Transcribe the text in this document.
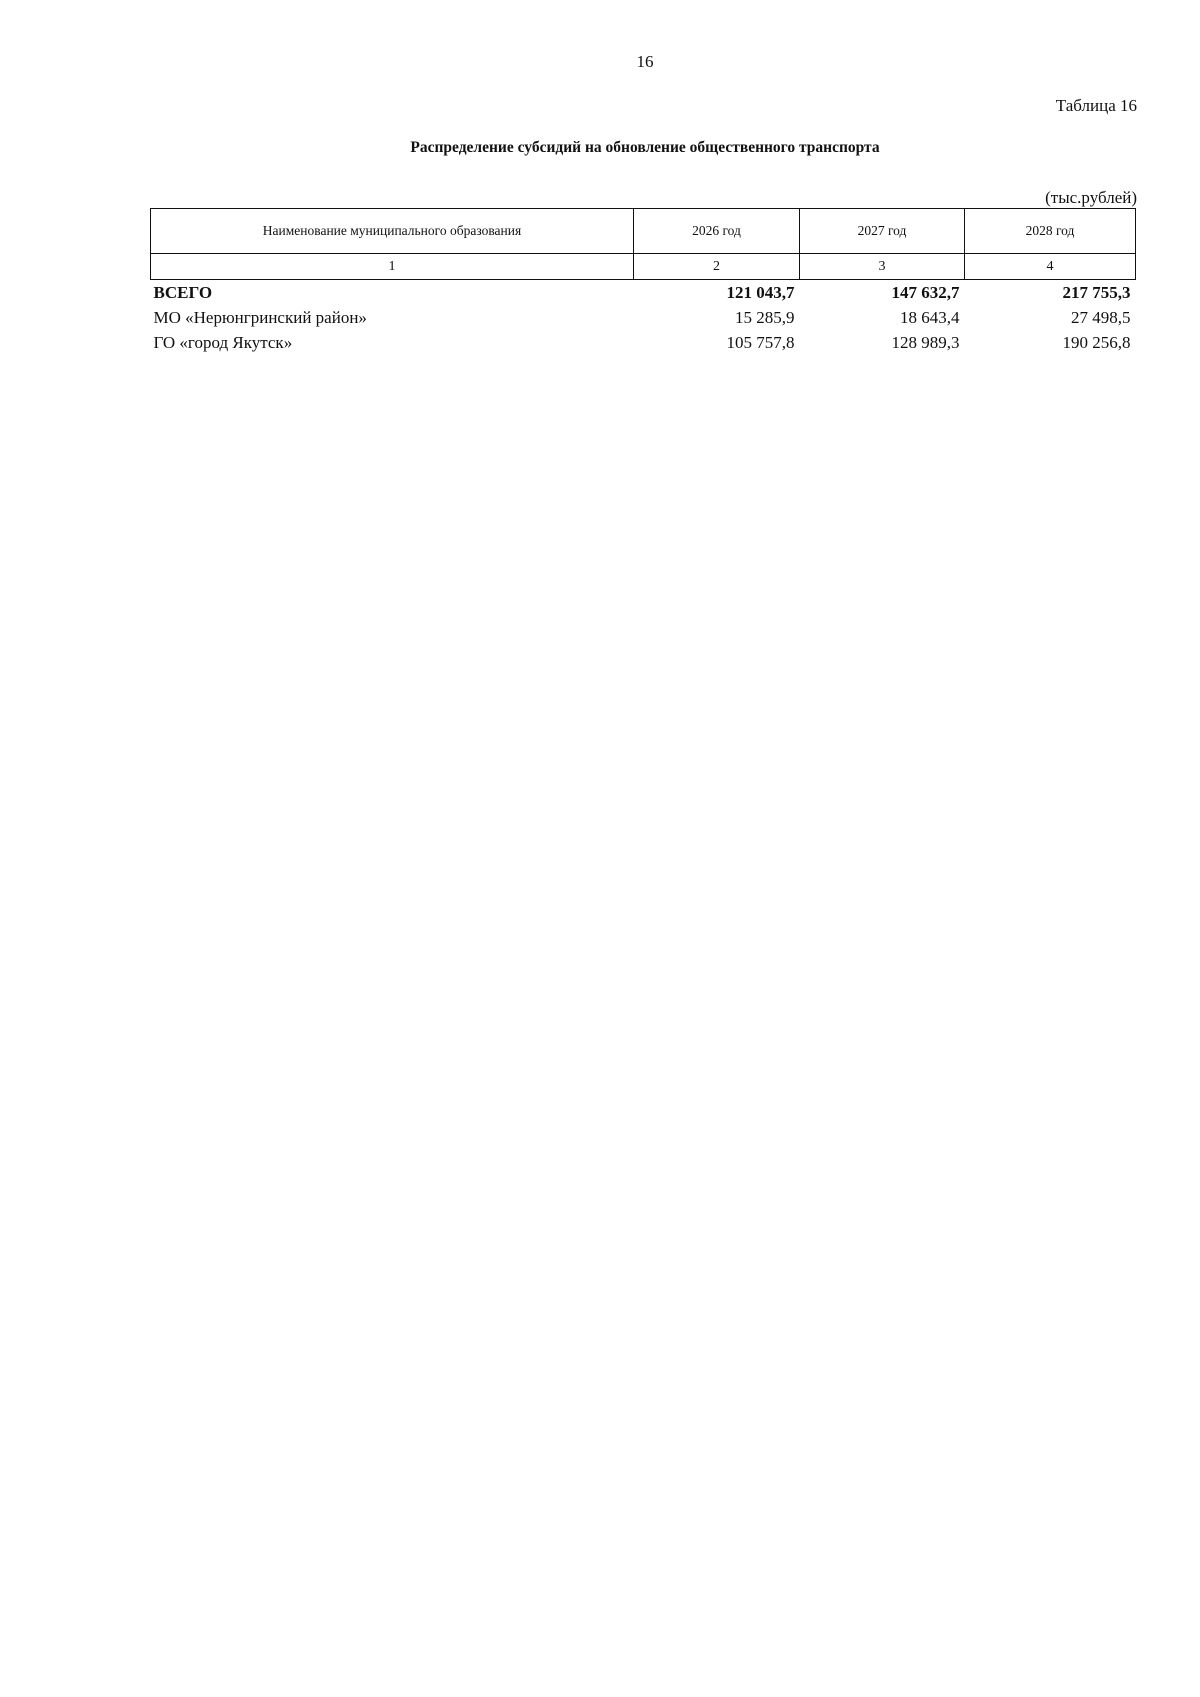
16
Таблица 16
Распределение субсидий на обновление общественного транспорта
(тыс.рублей)
Наименование муниципального образования	2026 год	2027 год	2028 год
1	2	3	4
ВСЕГО	121 043,7	147 632,7	217 755,3
МО «Нерюнгринский район»	15 285,9	18 643,4	27 498,5
ГО «город Якутск»	105 757,8	128 989,3	190 256,8
